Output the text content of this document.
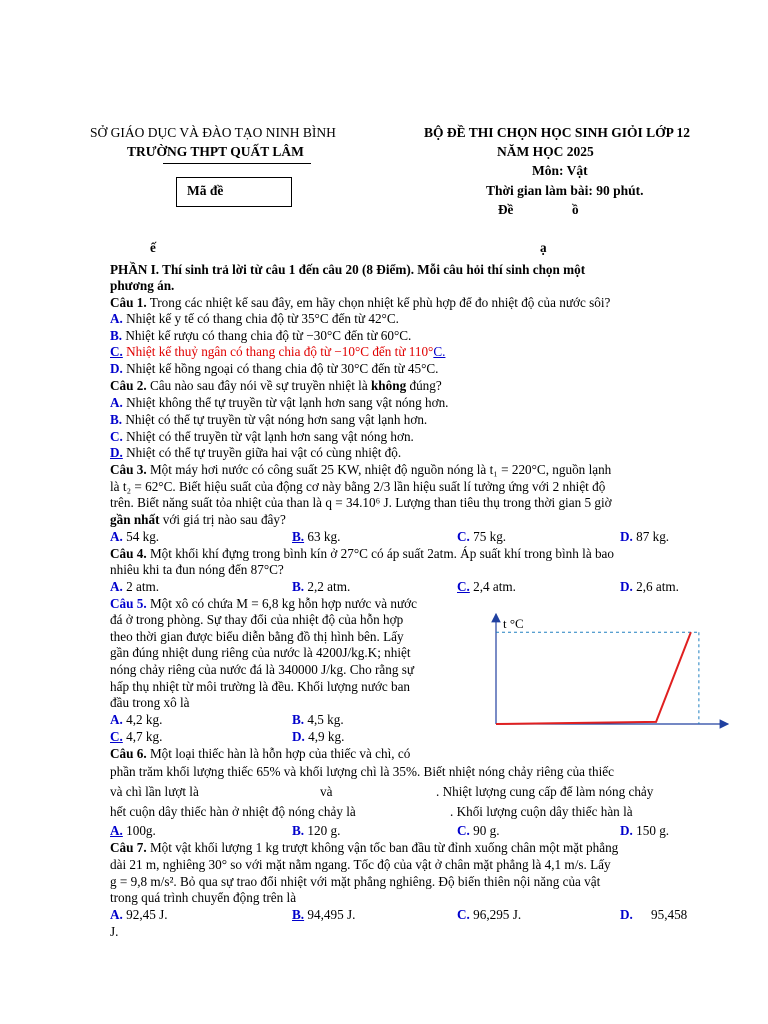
SỞ GIÁO DỤC VÀ ĐÀO TẠO NINH BÌNH
TRƯỜNG THPT QUẤT LÂM
BỘ ĐỀ THI CHỌN HỌC SINH GIỎI LỚP 12
NĂM HỌC 2025
Môn: Vật
Thời gian làm bài: 90 phút.
Mã đề
Đề	ồ
ế	ạ
PHẦN I. Thí sinh trả lời từ câu 1 đến câu 20 (8 Điểm). Mỗi câu hỏi thí sinh chọn một
phương án.
Câu 1. Trong các nhiệt kế sau đây, em hãy chọn nhiệt kế phù hợp để đo nhiệt độ của nước sôi?
A. Nhiệt kế y tế có thang chia độ từ 35°C đến từ 42°C.
B. Nhiệt kế rượu có thang chia độ từ −30°C đến từ 60°C.
C. Nhiệt kế thuỷ ngân có thang chia độ từ −10°C đến từ 110°C.
D. Nhiệt kế hồng ngoại có thang chia độ từ 30°C đến từ 45°C.
Câu 2. Câu nào sau đây nói về sự truyền nhiệt là không đúng?
A. Nhiệt không thể tự truyền từ vật lạnh hơn sang vật nóng hơn.
B. Nhiệt có thể tự truyền từ vật nóng hơn sang vật lạnh hơn.
C. Nhiệt có thể truyền từ vật lạnh hơn sang vật nóng hơn.
D. Nhiệt có thể tự truyền giữa hai vật có cùng nhiệt độ.
Câu 3. Một máy hơi nước có công suất 25 KW, nhiệt độ nguồn nóng là t₁ = 220°C, nguồn lạnh
là t₂ = 62°C. Biết hiệu suất của động cơ này bằng 2/3 lần hiệu suất lí tưởng ứng với 2 nhiệt độ
trên. Biết năng suất tỏa nhiệt của than là q = 34.10⁶ J. Lượng than tiêu thụ trong thời gian 5 giờ
gần nhất với giá trị nào sau đây?
A. 54 kg.	B. 63 kg.	C. 75 kg.	D. 87 kg.
Câu 4. Một khối khí đựng trong bình kín ở 27°C có áp suất 2atm. Áp suất khí trong bình là bao
nhiêu khi ta đun nóng đến 87°C?
A. 2 atm.	B. 2,2 atm.	C. 2,4 atm.	D. 2,6 atm.
Câu 5. Một xô có chứa M = 6,8 kg hỗn hợp nước và nước
đá ở trong phòng. Sự thay đổi của nhiệt độ của hỗn hợp
theo thời gian được biểu diễn bằng đồ thị hình bên. Lấy
gần đúng nhiệt dung riêng của nước là 4200J/kg.K; nhiệt
nóng chảy riêng của nước đá là 340000 J/kg. Cho rằng sự
hấp thụ nhiệt từ môi trường là đều. Khối lượng nước ban
đầu trong xô là
A. 4,2 kg.	B. 4,5 kg.
C. 4,7 kg.	D. 4,9 kg.
t °C
Câu 6. Một loại thiếc hàn là hỗn hợp của thiếc và chì, có
phần trăm khối lượng thiếc 65% và khối lượng chì là 35%. Biết nhiệt nóng chảy riêng của thiếc
và chì lần lượt là	và	. Nhiệt lượng cung cấp để làm nóng chảy
hết cuộn dây thiếc hàn ở nhiệt độ nóng chảy là	. Khối lượng cuộn dây thiếc hàn là
A. 100g.	B. 120 g.	C. 90 g.	D. 150 g.
Câu 7. Một vật khối lượng 1 kg trượt không vận tốc ban đầu từ đỉnh xuống chân một mặt phẳng
dài 21 m, nghiêng 30° so với mặt nằm ngang. Tốc độ của vật ở chân mặt phẳng là 4,1 m/s. Lấy
g = 9,8 m/s². Bỏ qua sự trao đổi nhiệt với mặt phẳng nghiêng. Độ biến thiên nội năng của vật
trong quá trình chuyển động trên là
A. 92,45 J.	B. 94,495 J.	C. 96,295 J.	D. 95,458
J.
